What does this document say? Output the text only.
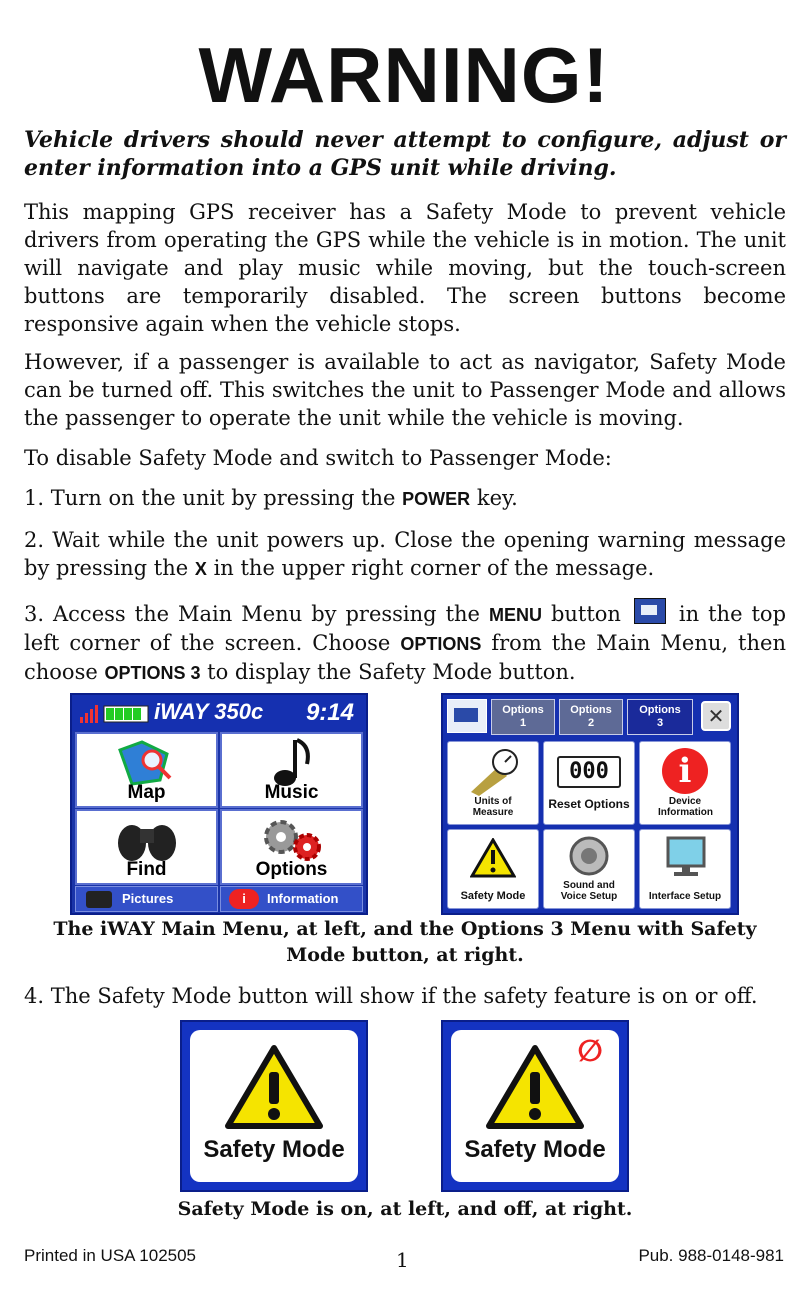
WARNING!
Vehicle drivers should never attempt to configure, adjust or enter information into a GPS unit while driving.
This mapping GPS receiver has a Safety Mode to prevent vehicle drivers from operating the GPS while the vehicle is in motion. The unit will navigate and play music while moving, but the touch-screen buttons are temporarily disabled. The screen buttons become responsive again when the vehicle stops.
However, if a passenger is available to act as navigator, Safety Mode can be turned off. This switches the unit to Passenger Mode and allows the passenger to operate the unit while the vehicle is moving.
To disable Safety Mode and switch to Passenger Mode:
1. Turn on the unit by pressing the POWER key.
2. Wait while the unit powers up. Close the opening warning message by pressing the X in the upper right corner of the message.
3. Access the Main Menu by pressing the MENU button
in the top left corner of the screen. Choose OPTIONS from the Main Menu, then choose OPTIONS 3 to display the Safety Mode button.
iWAY 350c 9:14
Map	Music
Find	Options
Pictures	i	Information
Options
1
Options
2
Options
3	✕
Units of Measure
000
Reset Options
i
Device Information
Safety Mode
Sound and Voice Setup	Interface Setup
The iWAY Main Menu, at left, and the Options 3 Menu with Safety Mode button, at right.
4. The Safety Mode button will show if the safety feature is on or off.
Safety Mode
∅
Safety Mode
Safety Mode is on, at left, and off, at right.
Printed in USA 102505	1	Pub. 988-0148-981
